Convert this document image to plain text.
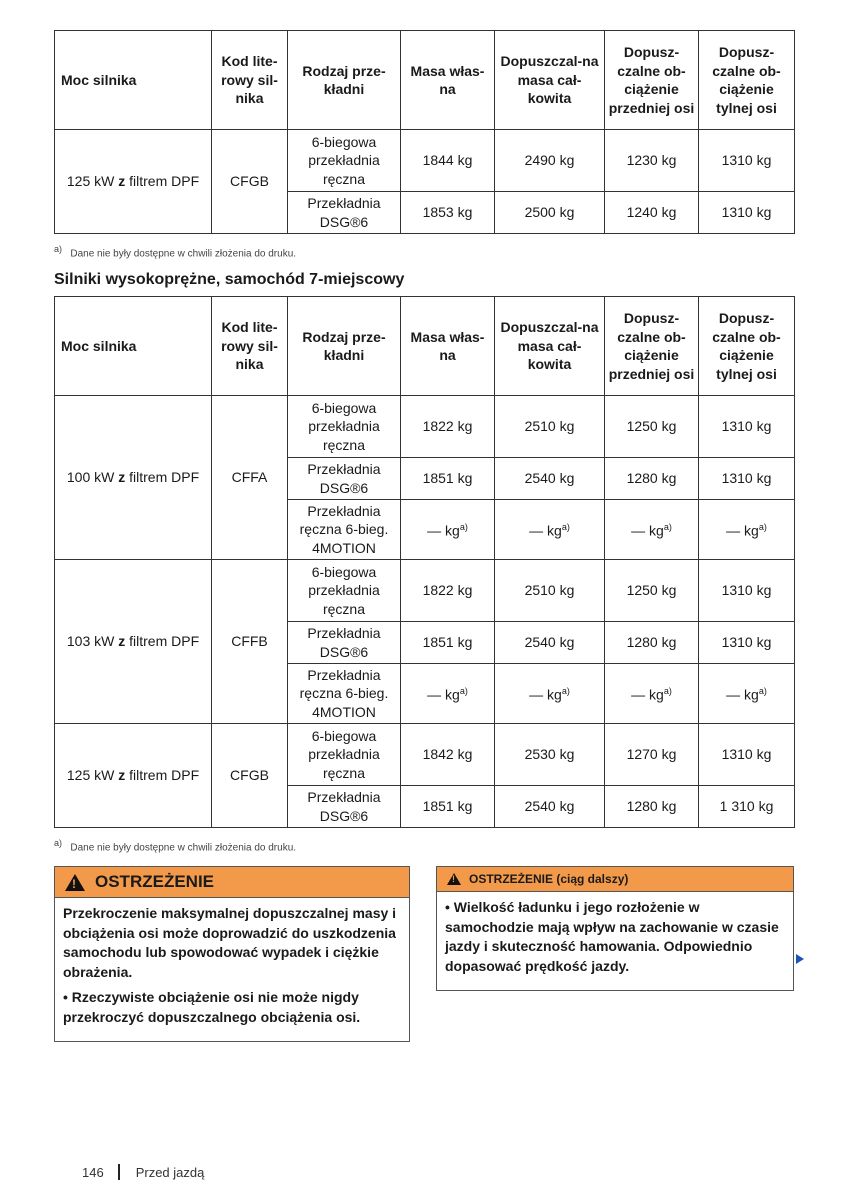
Moc silnika	Kod lite-rowy sil-nika	Rodzaj prze-kładni	Masa włas-na	Dopuszczal-na masa cał-kowita	Dopusz-czalne ob-ciążenie przedniej osi	Dopusz-czalne ob-ciążenie tylnej osi
125 kW z filtrem DPF	CFGB	6-biegowa przekładnia ręczna	1844 kg	2490 kg	1230 kg	1310 kg
		Przekładnia DSG®6	1853 kg	2500 kg	1240 kg	1310 kg
$^{a)}$ Dane nie były dostępne w chwili złożenia do druku.
Silniki wysokoprężne, samochód 7-miejscowy
Moc silnika	Kod lite-rowy sil-nika	Rodzaj prze-kładni	Masa włas-na	Dopuszczal-na masa cał-kowita	Dopusz-czalne ob-ciążenie przedniej osi	Dopusz-czalne ob-ciążenie tylnej osi
100 kW z filtrem DPF	CFFA	6-biegowa przekładnia ręczna	1822 kg	2510 kg	1250 kg	1310 kg
		Przekładnia DSG®6	1851 kg	2540 kg	1280 kg	1310 kg
		Przekładnia ręczna 6-bieg. 4MOTION	— $kg^{a)}$	— $kg^{a)}$	— $kg^{a)}$	— $kg^{a)}$
103 kW z filtrem DPF	CFFB	6-biegowa przekładnia ręczna	1822 kg	2510 kg	1250 kg	1310 kg
		Przekładnia DSG®6	1851 kg	2540 kg	1280 kg	1310 kg
		Przekładnia ręczna 6-bieg. 4MOTION	— $kg^{a)}$	— $kg^{a)}$	— $kg^{a)}$	— $kg^{a)}$
125 kW z filtrem DPF	CFGB	6-biegowa przekładnia ręczna	1842 kg	2530 kg	1270 kg	1310 kg
		Przekładnia DSG®6	1851 kg	2540 kg	1280 kg	1 310 kg
$^{a)}$ Dane nie były dostępne w chwili złożenia do druku.
! OSTRZEŻENIE

Przekroczenie maksymalnej dopuszczalnej masy i obciążenia osi może doprowadzić do uszkodzenia samochodu lub spowodować wypadek i ciężkie obrażenia.

• Rzeczywiste obciążenie osi nie może nigdy przekroczyć dopuszczalnego obciążenia osi.

! OSTRZEŻENIE (ciąg dalszy)

• Wielkość ładunku i jego rozłożenie w samochodzie mają wpływ na zachowanie w czasie jazdy i skuteczność hamowania. Odpowiednio dopasować prędkość jazdy.

146 Przed jazdą
